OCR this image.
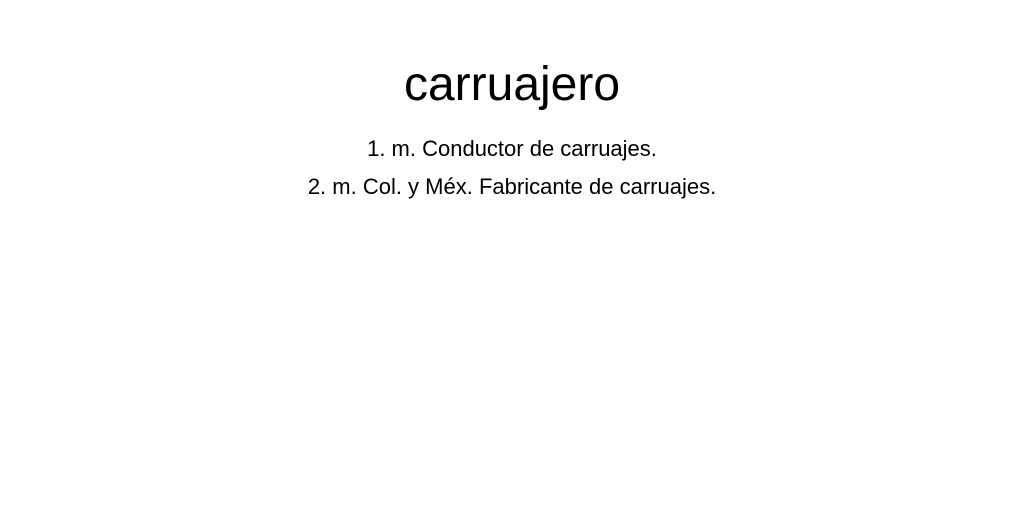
carruajero
1. m. Conductor de carruajes.
2. m. Col. y Méx. Fabricante de carruajes.
